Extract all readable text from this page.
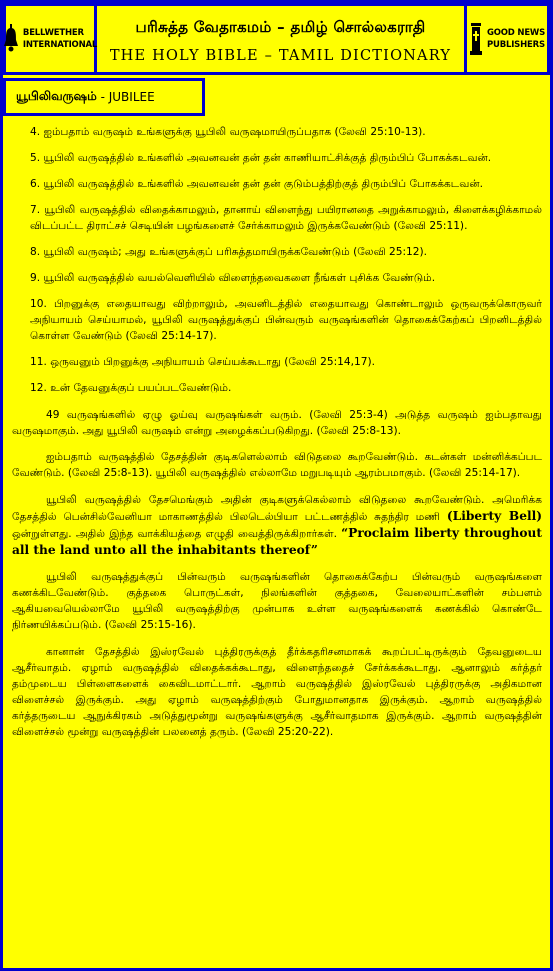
BELLWETHER
INTERNATIONAL
பரிசுத்த வேதாகமம் – தமிழ் சொல்லகராதி
THE HOLY BIBLE – TAMIL DICTIONARY
GOOD NEWS
PUBLISHERS
யூபிலிவருஷம்
- JUBILEE
4. ஐம்பதாம் வருஷம் உங்களுக்கு யூபிலி வருஷமாயிருப்பதாக (லேவி 25:10-13).
5. யூபிலி வருஷத்தில் உங்களில் அவனவன் தன் தன் காணியாட்சிக்குத் திரும்பிப் போகக்கடவன்.
6. யூபிலி வருஷத்தில் உங்களில் அவனவன் தன் தன் குடும்பத்திற்குத் திரும்பிப் போகக்கடவன்.
7. யூபிலி வருஷத்தில் விதைக்காமலும், தானாய் விளைந்து பயிரானதை அறுக்காமலும், கிளைக்கழிக்காமல் விடப்பட்ட திராட்சச் செடியின் பழங்களைச் சேர்க்காமலும் இருக்கவேண்டும் (லேவி 25:11).
8. யூபிலி வருஷம்; அது உங்களுக்குப் பரிசுத்தமாயிருக்கவேண்டும் (லேவி 25:12).
9. யூபிலி வருஷத்தில் வயல்வெளியில் விளைந்தவைகளை நீங்கள் புசிக்க வேண்டும்.
10. பிறனுக்கு எதையாவது விற்றாலும், அவனிடத்தில் எதையாவது கொண்டாலும் ஒருவருக்கொருவர் அநியாயம் செய்யாமல், யூபிலி வருஷத்துக்குப் பின்வரும் வருஷங்களின் தொகைக்கேற்கப் பிறனிடத்தில் கொள்ள வேண்டும் (லேவி 25:14-17).
11. ஒருவனும் பிறனுக்கு அநியாயம் செய்யக்கூடாது (லேவி 25:14,17).
12. உன் தேவனுக்குப் பயப்படவேண்டும்.

49 வருஷங்களில் ஏழு ஓய்வு வருஷங்கள் வரும். (லேவி 25:3-4) அடுத்த வருஷம் ஐம்பதாவது வருஷமாகும். அது யூபிலி வருஷம் என்று அழைக்கப்படுகிறது. (லேவி 25:8-13).

ஐம்பதாம் வருஷத்தில் தேசத்தின் குடிகளெல்லாம் விடுதலை கூறவேண்டும். கடன்கள் மன்னிக்கப்பட வேண்டும். (லேவி 25:8-13). யூபிலி வருஷத்தில் எல்லாமே மறுபடியும் ஆரம்பமாகும். (லேவி 25:14-17).

யூபிலி வருஷத்தில் தேசமெங்கும் அதின் குடிகளுக்கெல்லாம் விடுதலை கூறவேண்டும். அமெரிக்க தேசத்தில் பென்சில்வேனியா மாகாணத்தில் பிலடெல்பியா பட்டணத்தில் சுதந்திர மணி (Liberty Bell) ஒன்றுள்ளது. அதில் இந்த வாக்கியத்தை எழுதி வைத்திருக்கிறார்கள். “Proclaim liberty throughout all the land unto all the inhabitants thereof”

யூபிலி வருஷத்துக்குப் பின்வரும் வருஷங்களின் தொகைக்கேற்ப பின்வரும் வருஷங்களை கணக்கிடவேண்டும். குத்தகை பொருட்கள், நிலங்களின் குத்தகை, வேலையாட்களின் சம்பளம் ஆகியவையெல்லாமே யூபிலி வருஷத்திற்கு முன்பாக உள்ள வருஷங்களைக் கணக்கில் கொண்டே நிர்ணயிக்கப்படும். (லேவி 25:15-16).

கானான் தேசத்தில் இஸ்ரவேல் புத்திரருக்குத் தீர்க்கதரிசனமாகக் கூறப்பட்டிருக்கும் தேவனுடைய ஆசீர்வாதம். ஏழாம் வருஷத்தில் விதைக்கக்கூடாது, விளைந்ததைச் சேர்க்கக்கூடாது. ஆனாலும் கர்த்தர் தம்முடைய பிள்ளைகளைக் கைவிடமாட்டார். ஆறாம் வருஷத்தில் இஸ்ரவேல் புத்திரருக்கு அதிகமான விளைச்சல் இருக்கும். அது ஏழாம் வருஷத்திற்கும் போதுமானதாக இருக்கும். ஆறாம் வருஷத்தில் கர்த்தருடைய ஆநுக்கிரகம் அடுத்துமூன்று வருஷங்களுக்கு ஆசீர்வாதமாக இருக்கும். ஆறாம் வருஷத்தின் விளைச்சல் மூன்று வருஷத்தின் பலனைத் தரும். (லேவி 25:20-22).
